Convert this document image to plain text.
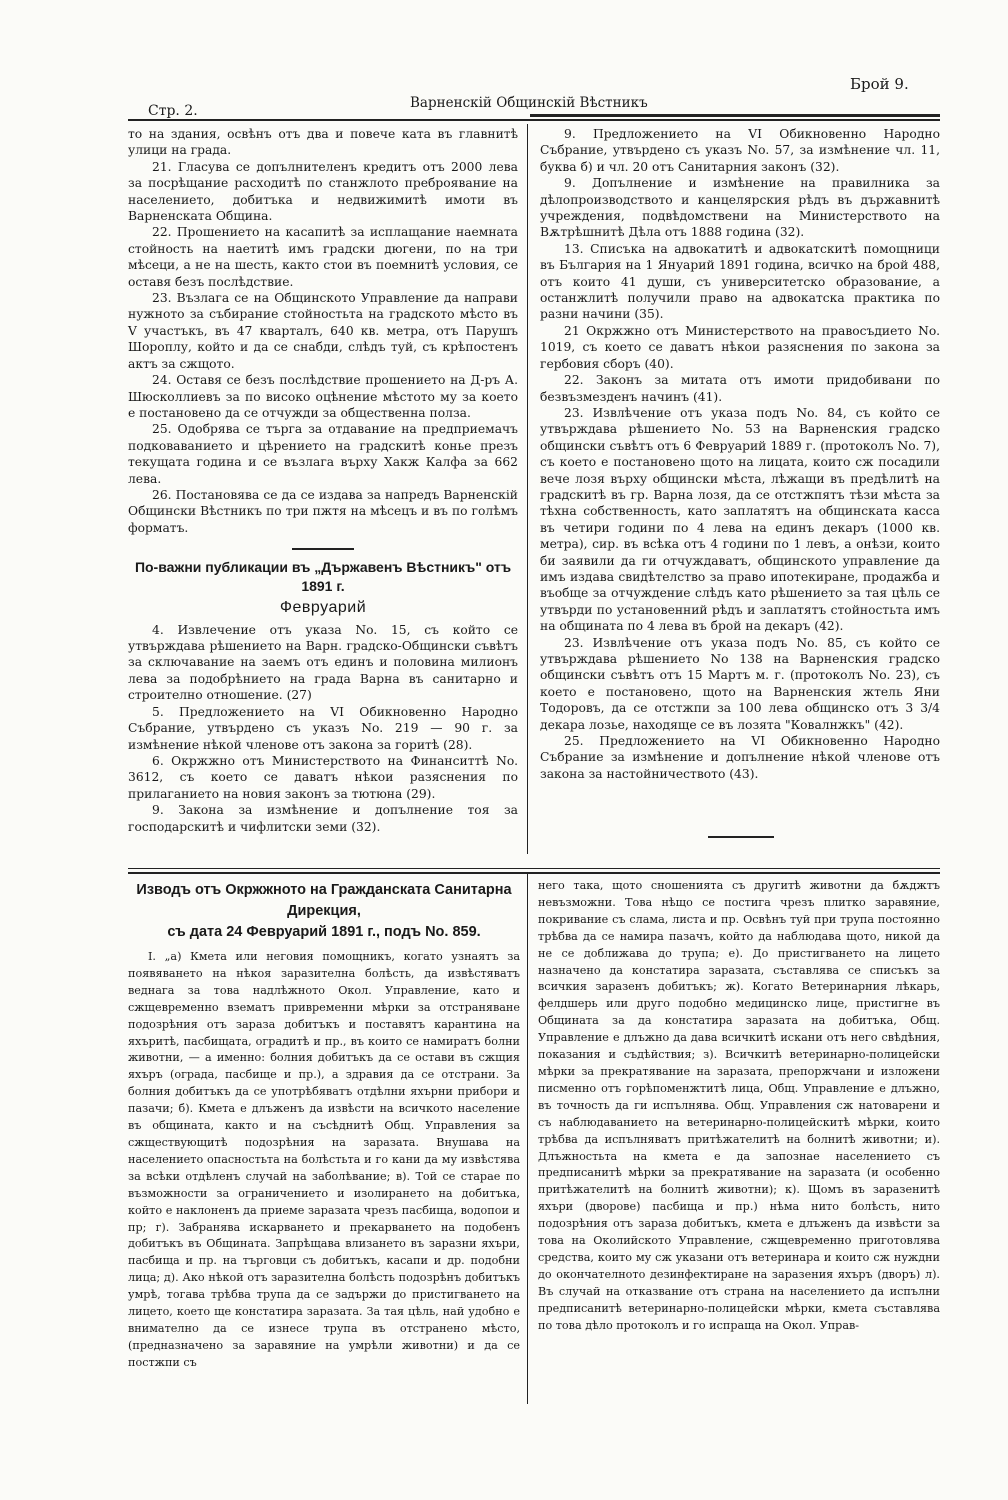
Стр. 2.	Варненскій Общинскій Вѣстникъ
Брой 9.

то на здания, освѣнъ отъ два и повече ката въ главнитѣ улици на града.

21. Гласува се допълнителенъ кредитъ отъ 2000 лева за посрѣщание расходитѣ по станжлото преброявание на населението, добитъка и недвижимитѣ имоти въ Варненската Община.

22. Прошението на касапитѣ за исплащание наемната стойность на наетитѣ имъ градски дюгени, по на три мѣсеци, а не на шесть, както стои въ поемнитѣ условия, се оставя безъ послѣдствие.

23. Възлага се на Общинското Управление да направи нужното за събирание стойностьта на градското мѣсто въ V участъкъ, въ 47 кварталъ, 640 кв. метра, отъ Парушъ Шороплу, който и да се снабди, слѣдъ туй, съ крѣпостенъ актъ за сжщото.

24. Оставя се безъ послѣдствие прошението на Д-ръ А. Шюсколлиевъ за по високо оцѣнение мѣстото му за което е постановено да се отчужди за общественна полза.

25. Одобрява се търга за отдавание на предприемачъ подковаванието и цѣрението на градскитѣ коньe презъ текущата година и се възлага върху Хакж Калфа за 662 лева.

26. Постановява се да се издава за напредъ Варненскій Общински Вѣстникъ по три пжтя на мѣсецъ и въ по голѣмъ форматъ.

По-важни публикации въ „Държавенъ Вѣстникъ" отъ 1891 г.
Февруарий

4. Извлечение отъ указа No. 15, съ който се утвърждава рѣшението на Варн. градско-Общински съвѣтъ за сключавание на заемъ отъ единъ и половина милионъ лева за подобрѣнието на града Варна въ санитарно и строително отношение. (27)

5. Предложението на VI Обикновенно Народно Събрание, утвърдено съ указъ No. 219 — 90 г. за измѣнение нѣкой членове отъ закона за горитѣ (28).

6. Окржжно отъ Министерството на Финанситтѣ No. 3612, съ което се даватъ нѣкои разяснения по прилаганието на новия законъ за тютюна (29).

9. Закона за измѣнение и допълнение тоя за господарскитѣ и чифлитски земи (32).

9. Предложението на VI Обикновенно Народно Събрание, утвърдено съ указъ No. 57, за измѣнение чл. 11, буква б) и чл. 20 отъ Санитарния законъ (32).

9. Допълнение и измѣнение на правилника за дѣлопроизводството и канцелярския рѣдъ въ държавнитѣ учреждения, подвѣдомствени на Министерството на Вѫтрѣшнитѣ Дѣла отъ 1888 година (32).

13. Списъка на адвокатитѣ и адвокатскитѣ помощници въ България на 1 Януарий 1891 година, всичко на брой 488, отъ които 41 души, съ университетско образование, а останжлитѣ получили право на адвокатска практика по разни начини (35).

21 Окржжно отъ Министерството на правосъдието No. 1019, съ което се даватъ нѣкои разяснения по закона за гербовия сборъ (40).

22. Законъ за митата отъ имоти придобивани по безвъзмезденъ начинъ (41).

23. Извлѣчение отъ указа подъ No. 84, съ който се утвърждава рѣшението No. 53 на Варненския градско общински съвѣтъ отъ 6 Февруарий 1889 г. (протоколъ No. 7), съ което е постановено щото на лицата, които сж посадили вече лозя върху общински мѣста, лѣжащи въ предѣлитѣ на градскитѣ въ гр. Варна лозя, да се отстжпятъ тѣзи мѣста за тѣхна собственность, като заплатятъ на общинската касса въ четири години по 4 лева на единъ декаръ (1000 кв. метра), сир. въ всѣка отъ 4 години по 1 левъ, а онѣзи, които би заявили да ги отчуждаватъ, общинското управление да имъ издава свидѣтелство за право ипотекиране, продажба и въобще за отчуждение слѣдъ като рѣшението за тая цѣль се утвърди по установенний рѣдъ и заплатятъ стойностьта имъ на общината по 4 лева въ брой на декаръ (42).

23. Извлѣчение отъ указа подъ No. 85, съ който се утвърждава рѣшението No 138 на Варненския градско общински съвѣтъ отъ 15 Мартъ м. г. (протоколъ No. 23), съ което е постановено, щото на Варненския жтель Яни Тодоровъ, да се отстжпи за 100 лева общинско отъ 3 3/4 декара лозье, находяще се въ лозята "Ковалнжкъ" (42).

25. Предложението на VI Обикновенно Народно Събрание за измѣнение и допълнение нѣкой членове отъ закона за настойничеството (43).

Изводъ отъ Окржжното на Гражданската Санитарна Дирекция,
съ дата 24 Февруарий 1891 г., подъ No. 859.

I. „а) Кмета или неговия помощникъ, когато узнаятъ за появяването на нѣкоя заразителна болѣсть, да извѣстяватъ веднага за това надлѣжното Окол. Управление, като и сжщевременно взематъ привременни мѣрки за отстраняване подозрѣния отъ зараза добитъкъ и поставятъ карантина на яхъритѣ, пасбищата, оградитѣ и пр., въ които се намиратъ болни животни, — а именно: болния добитъкъ да се остави въ сжщия яхъръ (ограда, пасбище и пр.), а здравия да се отстрани. За болния добитъкъ да се употрѣбяватъ отдѣлни яхърни прибори и пазачи; б). Кмета е длъженъ да извѣсти на всичкото население въ общината, както и на съсѣднитѣ Общ. Управления за сжществующитѣ подозрѣния на заразата. Внушава на населението опасностьта на болѣстьта и го кани да му извѣстява за всѣки отдѣленъ случай на заболѣвание; в). Той се старае по възможности за ограничението и изолирането на добитъка, който е наклоненъ да приеме заразата чрезъ пасбища, водопои и пр; г). Забранява искарването и прекарването на подобенъ добитъкъ въ Общината. Запрѣщава влизането въ заразни яхъри, пасбища и пр. на търговци съ добитъкъ, касапи и др. подобни лица; д). Ако нѣкой отъ заразителна болѣсть подозрѣнъ добитъкъ умрѣ, тогава трѣбва трупа да се задържи до пристигването на лицето, което ще констатира заразата. За тая цѣль, най удобно е внимателно да се изнесе трупа въ отстранено мѣсто, (предназначено за заравяние на умрѣли животни) и да се постжпи съ

него така, щото сношенията съ другитѣ животни да бѫджтъ невъзможни. Това нѣщо се постига чрезъ плитко заравяние, покривание съ слама, листа и пр. Освѣнъ туй при трупа постоянно трѣбва да се намира пазачъ, който да наблюдава щото, никой да не се доближава до трупа; е). До пристигването на лицето назначено да констатира заразата, съставлява се списъкъ за всичкия заразенъ добитъкъ; ж). Когато Ветеринарния лѣкарь, фелдшерь или друго подобно медицинско лице, пристигне въ Общината за да констатира заразата на добитъка, Общ. Управление е длъжно да дава всичкитѣ искани отъ него свѣдѣния, показания и съдѣйствия; з). Всичкитѣ ветеринарно-полицейски мѣрки за прекратявание на заразата, препоржчани и изложени писменно отъ горѣпоменжтитѣ лица, Общ. Управление е длъжно, въ точность да ги испълнява. Общ. Управления сж натоварени и съ наблюдаванието на ветеринарно-полицейскитѣ мѣрки, които трѣбва да испълняватъ притѣжателитѣ на болнитѣ животни; и). Длъжностьта на кмета е да запознае населението съ предписанитѣ мѣрки за прекратявание на заразата (и особенно притѣжателитѣ на болнитѣ животни); к). Щомъ въ заразенитѣ яхъри (дворове) пасбища и пр.) нѣма нито болѣсть, нито подозрѣния отъ зараза добитъкъ, кмета е длъженъ да извѣсти за това на Околийското Управление, сжщевременно приготовлява средства, които му сж указани отъ ветеринара и които сж нуждни до окончателното дезинфектиране на заразения яхъръ (дворъ) л). Въ случай на отказвание отъ страна на населението да испълни предписанитѣ ветеринарно-полицейски мѣрки, кмета съставлява по това дѣло протоколъ и го испраща на Окол. Управ-
